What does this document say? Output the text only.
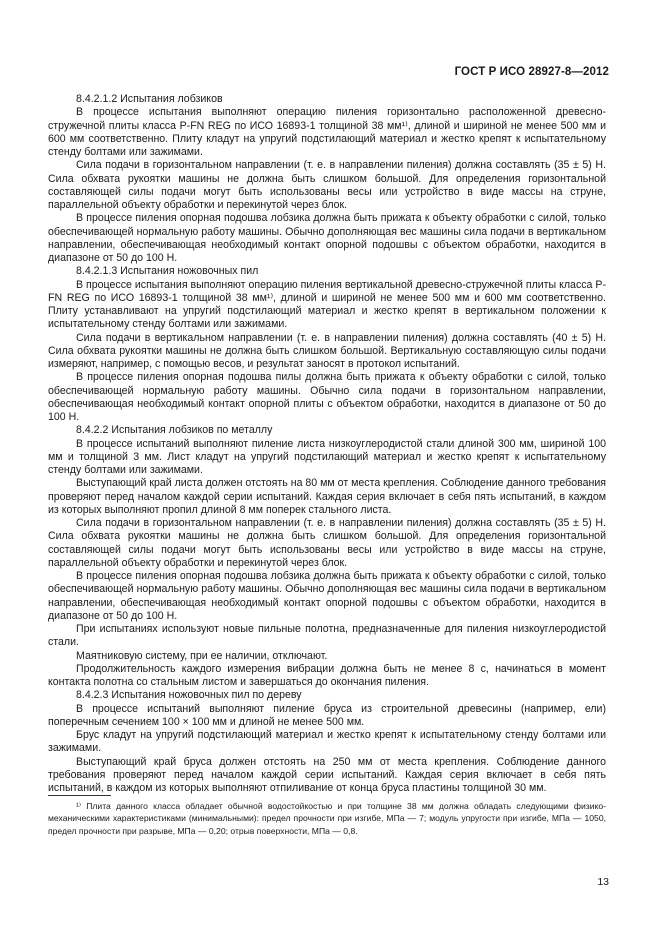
ГОСТ Р ИСО 28927-8—2012

8.4.2.1.2 Испытания лобзиков

В процессе испытания выполняют операцию пиления горизонтально расположенной древесно-стружечной плиты класса P-FN REG по ИСО 16893-1 толщиной 38 мм¹⁾, длиной и шириной не менее 500 мм и 600 мм соответственно. Плиту кладут на упругий подстилающий материал и жестко крепят к испытательному стенду болтами или зажимами.

Сила подачи в горизонтальном направлении (т. е. в направлении пиления) должна составлять (35 ± 5) Н. Сила обхвата рукоятки машины не должна быть слишком большой. Для определения горизонтальной составляющей силы подачи могут быть использованы весы или устройство в виде массы на струне, параллельной объекту обработки и перекинутой через блок.

В процессе пиления опорная подошва лобзика должна быть прижата к объекту обработки с силой, только обеспечивающей нормальную работу машины. Обычно дополняющая вес машины сила подачи в вертикальном направлении, обеспечивающая необходимый контакт опорной подошвы с объектом обработки, находится в диапазоне от 50 до 100 Н.

8.4.2.1.3 Испытания ножовочных пил

В процессе испытания выполняют операцию пиления вертикальной древесно-стружечной плиты класса P-FN REG по ИСО 16893-1 толщиной 38 мм¹⁾, длиной и шириной не менее 500 мм и 600 мм соответственно. Плиту устанавливают на упругий подстилающий материал и жестко крепят в вертикальном положении к испытательному стенду болтами или зажимами.

Сила подачи в вертикальном направлении (т. е. в направлении пиления) должна составлять (40 ± 5) Н. Сила обхвата рукоятки машины не должна быть слишком большой. Вертикальную составляющую силы подачи измеряют, например, с помощью весов, и результат заносят в протокол испытаний.

В процессе пиления опорная подошва пилы должна быть прижата к объекту обработки с силой, только обеспечивающей нормальную работу машины. Обычно сила подачи в горизонтальном направлении, обеспечивающая необходимый контакт опорной плиты с объектом обработки, находится в диапазоне от 50 до 100 Н.

8.4.2.2 Испытания лобзиков по металлу

В процессе испытаний выполняют пиление листа низкоуглеродистой стали длиной 300 мм, шириной 100 мм и толщиной 3 мм. Лист кладут на упругий подстилающий материал и жестко крепят к испытательному стенду болтами или зажимами.

Выступающий край листа должен отстоять на 80 мм от места крепления. Соблюдение данного требования проверяют перед началом каждой серии испытаний. Каждая серия включает в себя пять испытаний, в каждом из которых выполняют пропил длиной 8 мм поперек стального листа.

Сила подачи в горизонтальном направлении (т. е. в направлении пиления) должна составлять (35 ± 5) Н. Сила обхвата рукоятки машины не должна быть слишком большой. Для определения горизонтальной составляющей силы подачи могут быть использованы весы или устройство в виде массы на струне, параллельной объекту обработки и перекинутой через блок.

В процессе пиления опорная подошва лобзика должна быть прижата к объекту обработки с силой, только обеспечивающей нормальную работу машины. Обычно дополняющая вес машины сила подачи в вертикальном направлении, обеспечивающая необходимый контакт опорной подошвы с объектом обработки, находится в диапазоне от 50 до 100 Н.

При испытаниях используют новые пильные полотна, предназначенные для пиления низкоуглеродистой стали.

Маятниковую систему, при ее наличии, отключают.

Продолжительность каждого измерения вибрации должна быть не менее 8 с, начинаться в момент контакта полотна со стальным листом и завершаться до окончания пиления.

8.4.2.3 Испытания ножовочных пил по дереву

В процессе испытаний выполняют пиление бруса из строительной древесины (например, ели) поперечным сечением 100 × 100 мм и длиной не менее 500 мм.

Брус кладут на упругий подстилающий материал и жестко крепят к испытательному стенду болтами или зажимами.

Выступающий край бруса должен отстоять на 250 мм от места крепления. Соблюдение данного требования проверяют перед началом каждой серии испытаний. Каждая серия включает в себя пять испытаний, в каждом из которых выполняют отпиливание от конца бруса пластины толщиной 30 мм.

¹⁾ Плита данного класса обладает обычной водостойкостью и при толщине 38 мм должна обладать следующими физико-механическими характеристиками (минимальными): предел прочности при изгибе, МПа — 7; модуль упругости при изгибе, МПа — 1050, предел прочности при разрыве, МПа — 0,20; отрыв поверхности, МПа — 0,8.

13
